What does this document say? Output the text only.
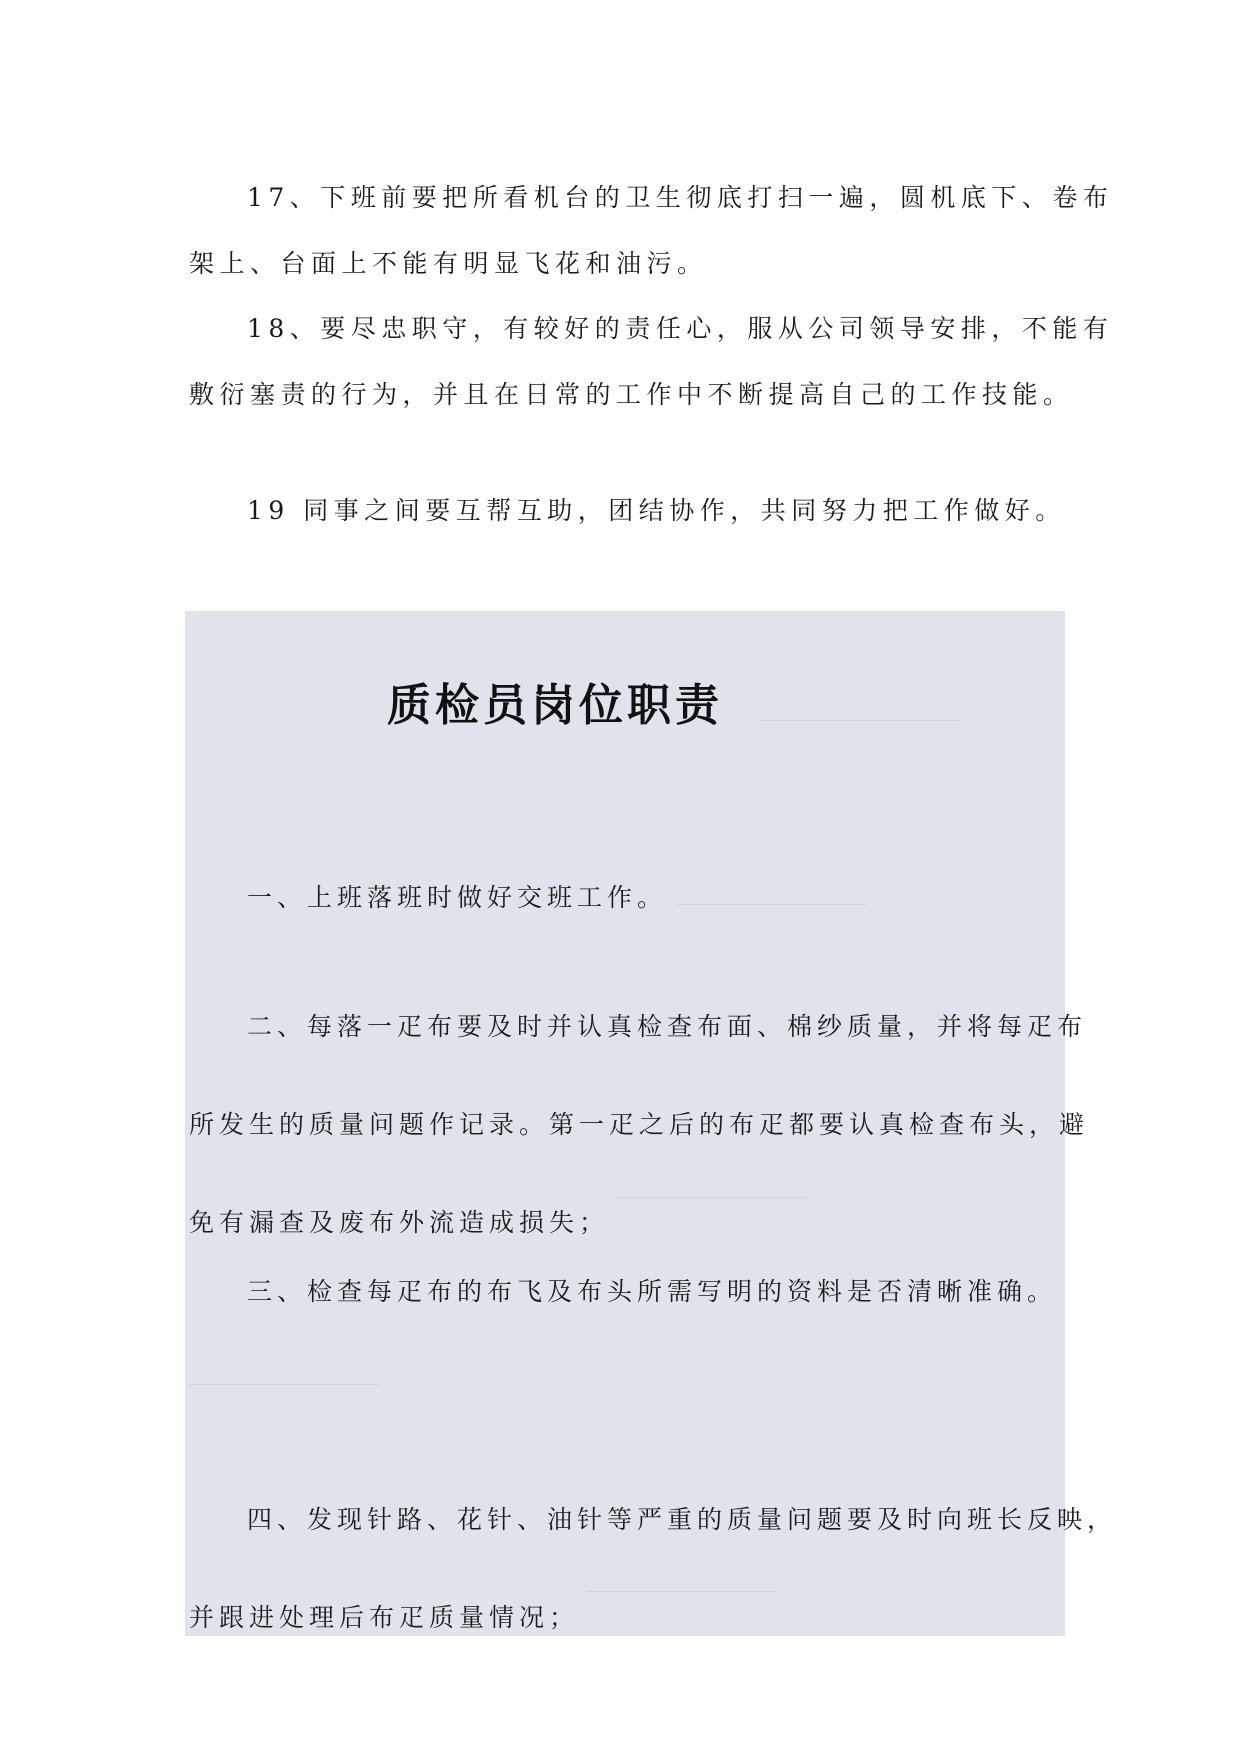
17、下班前要把所看机台的卫生彻底打扫一遍，圆机底下、卷布
架上、台面上不能有明显飞花和油污。

18、要尽忠职守，有较好的责任心，服从公司领导安排，不能有
敷衍塞责的行为，并且在日常的工作中不断提高自己的工作技能。

19 同事之间要互帮互助，团结协作，共同努力把工作做好。

质检员岗位职责

一、上班落班时做好交班工作。

二、每落一疋布要及时并认真检查布面、棉纱质量，并将每疋布
所发生的质量问题作记录。第一疋之后的布疋都要认真检查布头，避
免有漏查及废布外流造成损失；

三、检查每疋布的布飞及布头所需写明的资料是否清晰准确。

四、发现针路、花针、油针等严重的质量问题要及时向班长反映，
并跟进处理后布疋质量情况；
